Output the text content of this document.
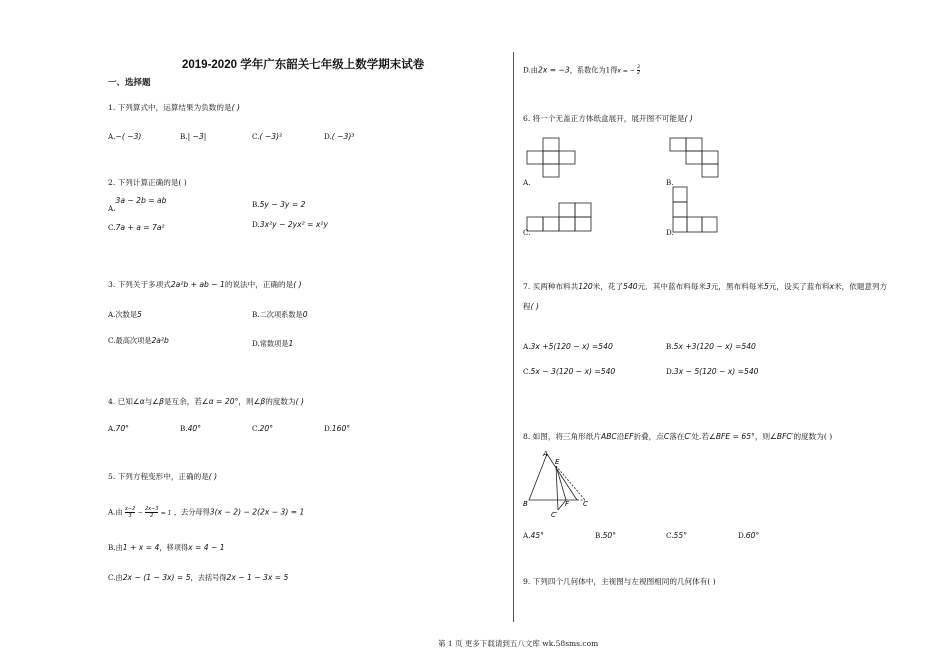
2019-2020 学年广东韶关七年级上数学期末试卷
一、选择题
1. 下列算式中，运算结果为负数的是( )
A.−( −3)	B.| −3|	C.( −3)²	D.( −3)³
2. 下列计算正确的是( )
A.3a − 2b = ab	B.5y − 3y = 2
C.7a + a = 7a²	D.3x²y − 2yx² = x²y
3. 下列关于多项式2a²b + ab − 1的说法中，正确的是( )
A.次数是5	B.二次项系数是0
C.最高次项是2a²b	D.常数项是1
4. 已知∠α与∠β是互余，若∠α = 20°，则∠β的度数为( )
A.70°	B.40°	C.20°	D.160°
5. 下列方程变形中，正确的是( )
A.由 $\frac{x-2}{3} - \frac{2x-3}{2} = 1$ ，去分母得3(x − 2) − 2(2x − 3) = 1
B.由1 + x = 4，移项得x = 4 − 1
C.由2x − (1 − 3x) = 5，去括号得2x − 1 − 3x = 5
D.由2x = −3，系数化为1得x = − $\frac{3}{2}$
6. 将一个无盖正方体纸盒展开，展开图不可能是( )
A.	B.
C.	D.
7. 买两种布料共120米，花了540元．其中蓝布料每米3元，黑布料每米5元，设买了蓝布料x米，依题意列方
程( )
A.3x +5(120 − x) =540	B.5x +3(120 − x) =540
C.5x − 3(120 − x) =540	D.3x − 5(120 − x) =540
8. 如图，将三角形纸片ABC沿EF折叠，点C落在C′处.若∠BFE = 65°，则∠BFC′的度数为( )
A
E
B	F C
C′
A.45°	B.50°	C.55°	D.60°
9. 下列四个几何体中，主视图与左视图相同的几何体有( )
第 1 页 更多下载请到五八文库 wk.58sms.com
